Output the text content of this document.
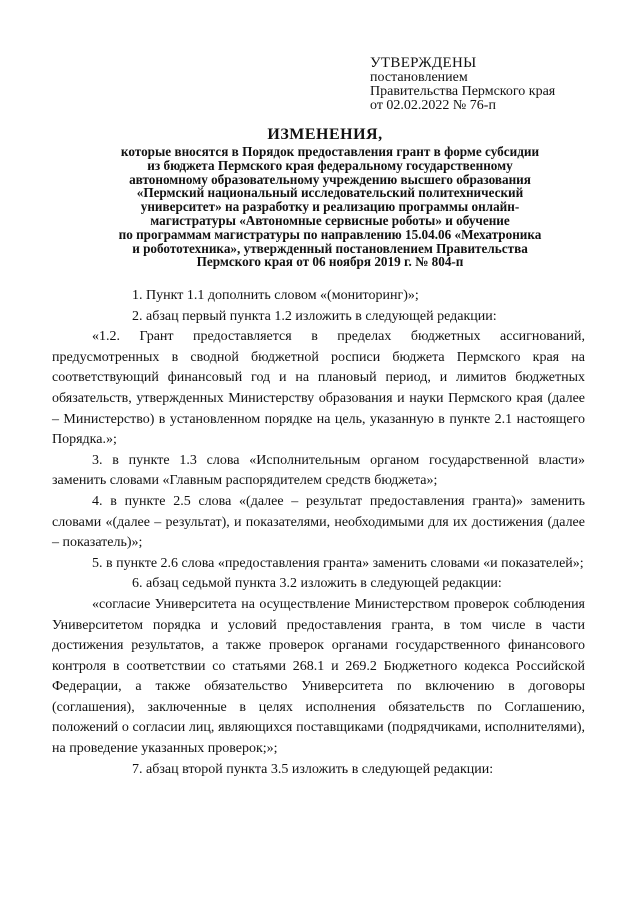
УТВЕРЖДЕНЫ
постановлением
Правительства Пермского края
от 02.02.2022 № 76-п
ИЗМЕНЕНИЯ,
которые вносятся в Порядок предоставления грант в форме субсидии
из бюджета Пермского края федеральному государственному
автономному образовательному учреждению высшего образования
«Пермский национальный исследовательский политехнический
университет» на разработку и реализацию программы онлайн-
магистратуры «Автономные сервисные роботы» и обучение
по программам магистратуры по направлению 15.04.06 «Мехатроника
и робототехника», утвержденный постановлением Правительства
Пермского края от 06 ноября 2019 г. № 804-п

1. Пункт 1.1 дополнить словом «(мониторинг)»;

2. абзац первый пункта 1.2 изложить в следующей редакции:

«1.2. Грант предоставляется в пределах бюджетных ассигнований, предусмотренных в сводной бюджетной росписи бюджета Пермского края на соответствующий финансовый год и на плановый период, и лимитов бюджетных обязательств, утвержденных Министерству образования и науки Пермского края (далее – Министерство) в установленном порядке на цель, указанную в пункте 2.1 настоящего Порядка.»;

3. в пункте 1.3 слова «Исполнительным органом государственной власти» заменить словами «Главным распорядителем средств бюджета»;

4. в пункте 2.5 слова «(далее – результат предоставления гранта)» заменить словами «(далее – результат), и показателями, необходимыми для их достижения (далее – показатель)»;

5. в пункте 2.6 слова «предоставления гранта» заменить словами «и показателей»;

6. абзац седьмой пункта 3.2 изложить в следующей редакции:

«согласие Университета на осуществление Министерством проверок соблюдения Университетом порядка и условий предоставления гранта, в том числе в части достижения результатов, а также проверок органами государственного финансового контроля в соответствии со статьями 268.1 и 269.2 Бюджетного кодекса Российской Федерации, а также обязательство Университета по включению в договоры (соглашения), заключенные в целях исполнения обязательств по Соглашению, положений о согласии лиц, являющихся поставщиками (подрядчиками, исполнителями), на проведение указанных проверок;»;

7. абзац второй пункта 3.5 изложить в следующей редакции:
